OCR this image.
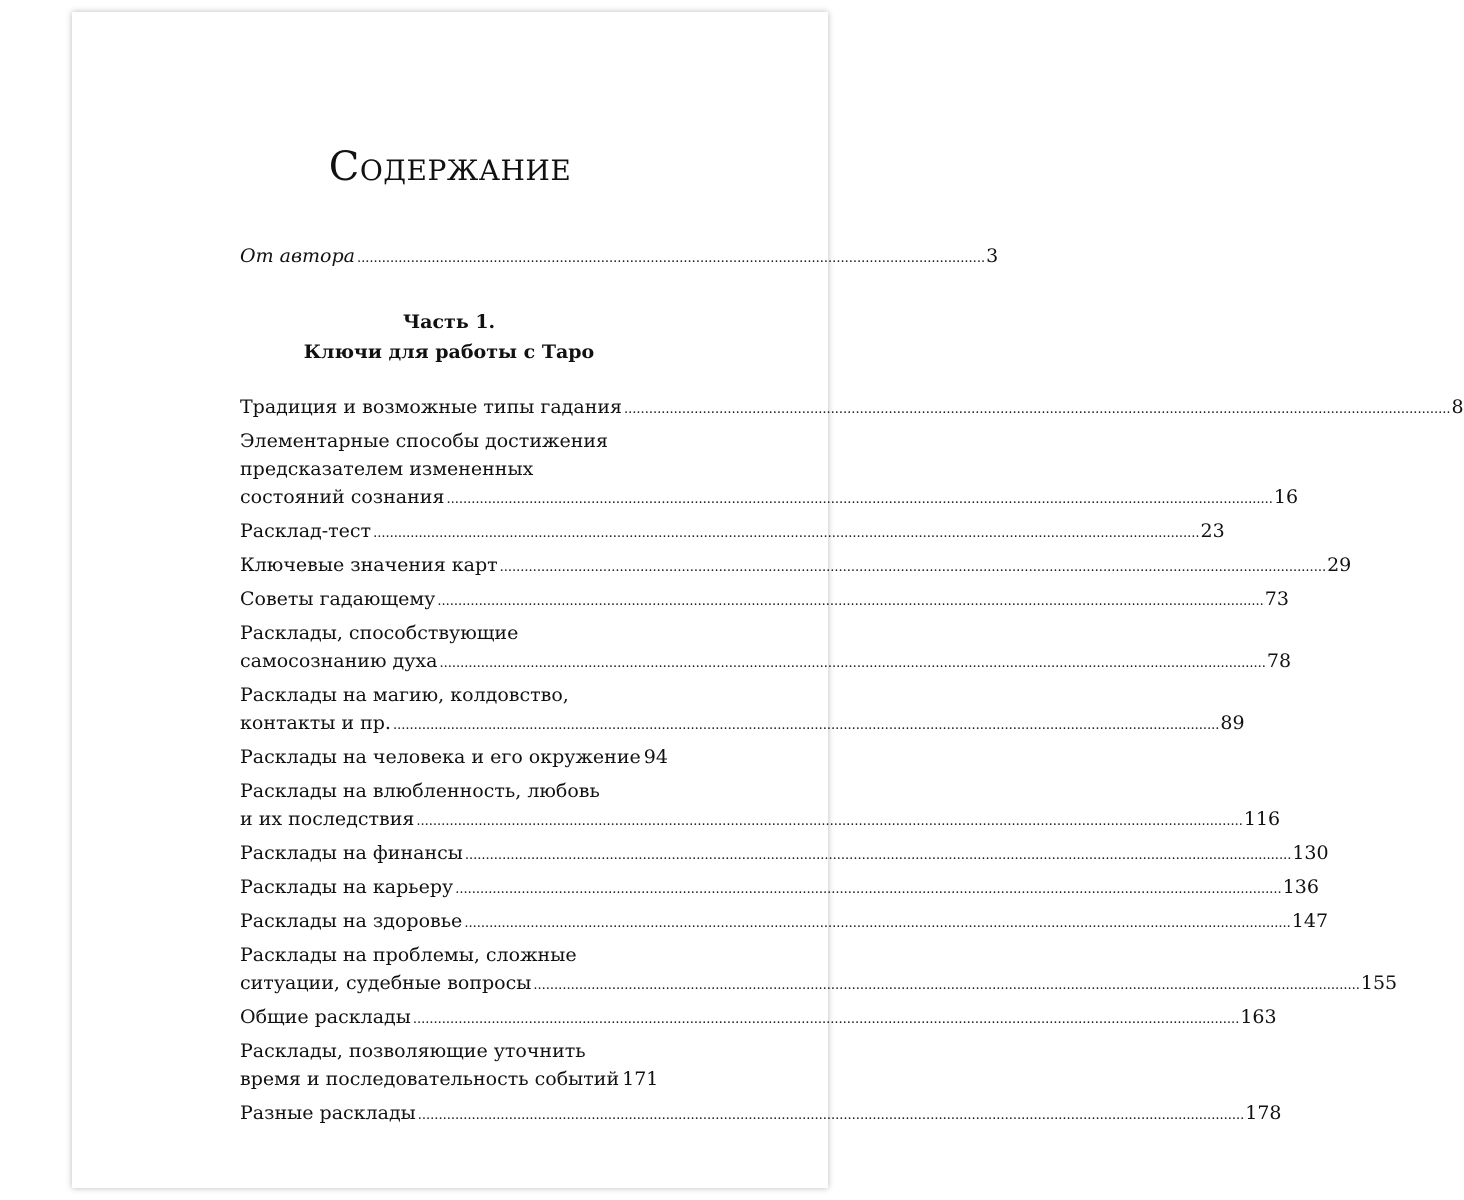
Содержание
От автора ........................................................................................................................................................ 3
Часть 1.
Ключи для работы с Таро
Традиция и возможные типы гадания ........................................................................................................................................................................................................ 8
Элементарные способы достижения
предсказателем измененных
состояний сознания ........................................................................................................................................................................................................ 16
Расклад-тест ........................................................................................................................................................................................................ 23
Ключевые значения карт ........................................................................................................................................................................................................ 29
Советы гадающему ........................................................................................................................................................................................................ 73
Расклады, способствующие
самосознанию духа ........................................................................................................................................................................................................ 78
Расклады на магию, колдовство,
контакты и пр. ........................................................................................................................................................................................................ 89
Расклады на человека и его окружение 94
Расклады на влюбленность, любовь
и их последствия ........................................................................................................................................................................................................ 116
Расклады на финансы ........................................................................................................................................................................................................ 130
Расклады на карьеру ........................................................................................................................................................................................................ 136
Расклады на здоровье ........................................................................................................................................................................................................ 147
Расклады на проблемы, сложные
ситуации, судебные вопросы ........................................................................................................................................................................................................ 155
Общие расклады ........................................................................................................................................................................................................ 163
Расклады, позволяющие уточнить
время и последовательность событий 171
Разные расклады ........................................................................................................................................................................................................ 178
